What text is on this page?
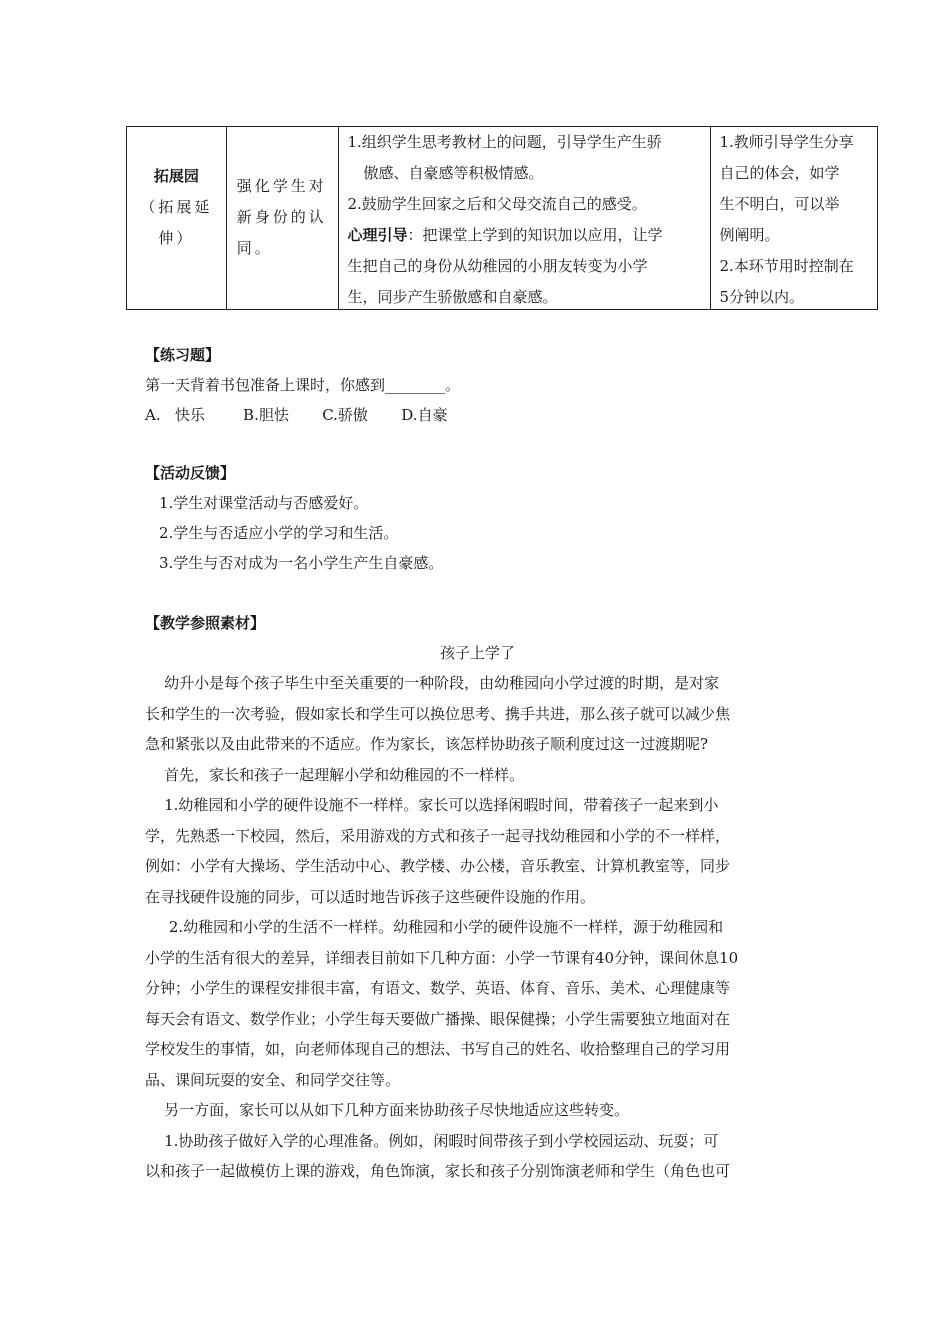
拓展园
（拓展延
伸）
强化学生对
新身份的认
同。
1.组织学生思考教材上的问题，引导学生产生骄
傲感、自豪感等积极情感。
2.鼓励学生回家之后和父母交流自己的感受。
心理引导：把课堂上学到的知识加以应用，让学
生把自己的身份从幼稚园的小朋友转变为小学
生，同步产生骄傲感和自豪感。
1.教师引导学生分享
自己的体会，如学
生不明白，可以举
例阐明。
2.本环节用时控制在
5分钟以内。

【练习题】

第一天背着书包准备上课时，你感到________。

A.   快乐        B.胆怯       C.骄傲       D.自豪

【活动反馈】

1.学生对课堂活动与否感爱好。

2.学生与否适应小学的学习和生活。

3.学生与否对成为一名小学生产生自豪感。

【教学参照素材】

孩子上学了

幼升小是每个孩子毕生中至关重要的一种阶段，由幼稚园向小学过渡的时期，是对家

长和学生的一次考验，假如家长和学生可以换位思考、携手共进，那么孩子就可以减少焦

急和紧张以及由此带来的不适应。作为家长，该怎样协助孩子顺利度过这一过渡期呢?

首先，家长和孩子一起理解小学和幼稚园的不一样样。

1.幼稚园和小学的硬件设施不一样样。家长可以选择闲暇时间，带着孩子一起来到小

学，先熟悉一下校园，然后，采用游戏的方式和孩子一起寻找幼稚园和小学的不一样样，

例如：小学有大操场、学生活动中心、教学楼、办公楼，音乐教室、计算机教室等，同步

在寻找硬件设施的同步，可以适时地告诉孩子这些硬件设施的作用。

2.幼稚园和小学的生活不一样样。幼稚园和小学的硬件设施不一样样，源于幼稚园和

小学的生活有很大的差异，详细表目前如下几种方面：小学一节课有40分钟，课间休息10

分钟；小学生的课程安排很丰富，有语文、数学、英语、体育、音乐、美术、心理健康等

每天会有语文、数学作业；小学生每天要做广播操、眼保健操；小学生需要独立地面对在

学校发生的事情，如，向老师体现自己的想法、书写自己的姓名、收拾整理自己的学习用

品、课间玩耍的安全、和同学交往等。

另一方面，家长可以从如下几种方面来协助孩子尽快地适应这些转变。

1.协助孩子做好入学的心理准备。例如，闲暇时间带孩子到小学校园运动、玩耍；可

以和孩子一起做模仿上课的游戏，角色饰演，家长和孩子分别饰演老师和学生（角色也可
